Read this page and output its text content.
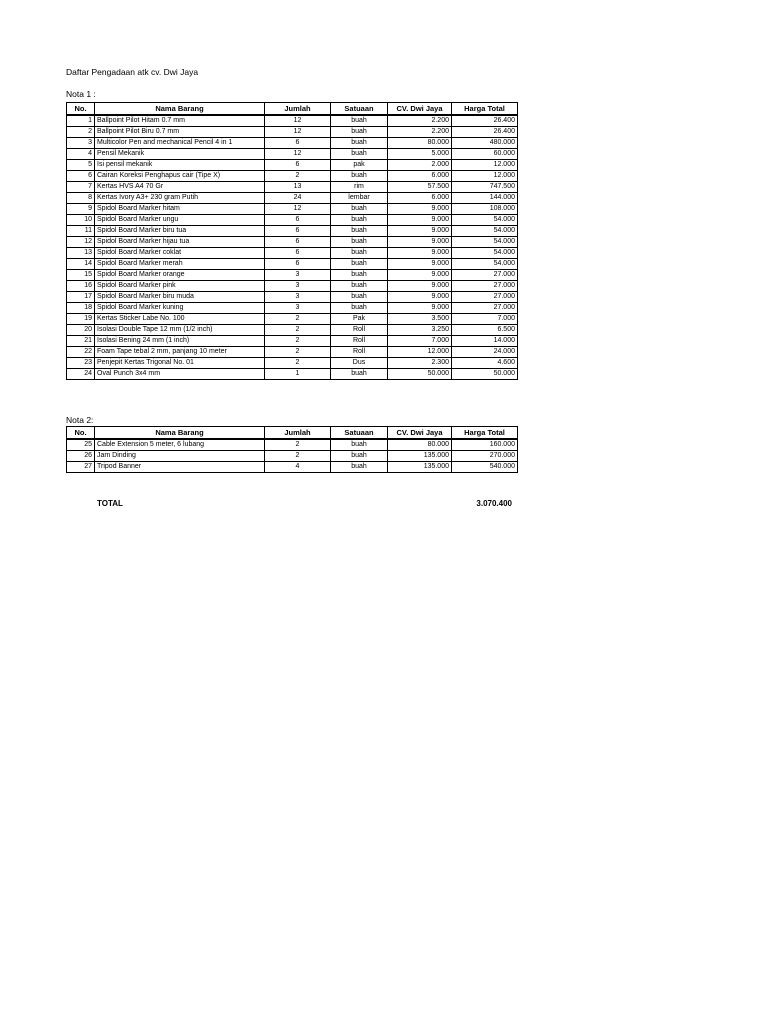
Daftar Pengadaan atk cv. Dwi Jaya
Nota 1 :
No.	Nama Barang	Jumlah	Satuaan	CV. Dwi Jaya	Harga Total
1	Ballpoint Pilot Hitam 0.7 mm	12	buah	2.200	26.400
2	Ballpoint Pilot Biru 0.7 mm	12	buah	2.200	26.400
3	Multicolor Pen and mechanical Pencil 4 in 1	6	buah	80.000	480.000
4	Pensil Mekanik	12	buah	5.000	60.000
5	Isi pensil mekanik	6	pak	2.000	12.000
6	Cairan Koreksi Penghapus cair (Tipe X)	2	buah	6.000	12.000
7	Kertas HVS A4 70 Gr	13	rim	57.500	747.500
8	Kertas Ivory A3+ 230 gram Putih	24	lembar	6.000	144.000
9	Spidol Board Marker hitam	12	buah	9.000	108.000
10	Spidol Board Marker ungu	6	buah	9.000	54.000
11	Spidol Board Marker biru tua	6	buah	9.000	54.000
12	Spidol Board Marker hijau tua	6	buah	9.000	54.000
13	Spidol Board Marker coklat	6	buah	9.000	54.000
14	Spidol Board Marker merah	6	buah	9.000	54.000
15	Spidol Board Marker orange	3	buah	9.000	27.000
16	Spidol Board Marker pink	3	buah	9.000	27.000
17	Spidol Board Marker biru muda	3	buah	9.000	27.000
18	Spidol Board Marker kuning	3	buah	9.000	27.000
19	Kertas Sticker Labe No. 100	2	Pak	3.500	7.000
20	Isolasi Double Tape 12 mm (1/2 inch)	2	Roll	3.250	6.500
21	Isolasi Bening 24 mm (1 inch)	2	Roll	7.000	14.000
22	Foam Tape tebal 2 mm, panjang 10 meter	2	Roll	12.000	24.000
23	Penjepit Kertas Trigonal No. 01	2	Dus	2.300	4.600
24	Oval Punch 3x4 mm	1	buah	50.000	50.000
Nota 2:
No.	Nama Barang	Jumlah	Satuaan	CV. Dwi Jaya	Harga Total
25	Cable Extension 5 meter, 6 lubang	2	buah	80.000	160.000
26	Jam Dinding	2	buah	135.000	270.000
27	Tripod Banner	4	buah	135.000	540.000
TOTAL	3.070.400
